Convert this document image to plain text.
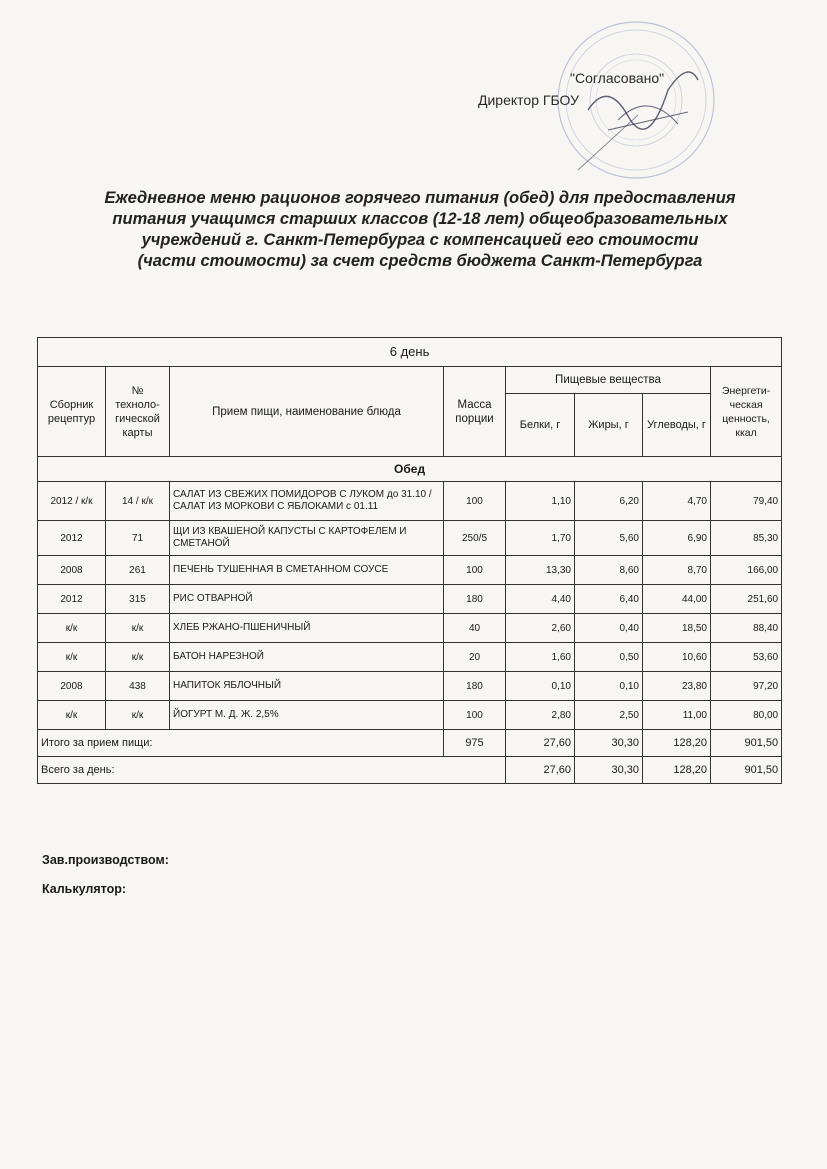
"Согласовано"
Директор ГБОУ
Ежедневное меню рационов горячего питания (обед) для предоставления
питания учащимся старших классов (12-18 лет) общеобразовательных
учреждений г. Санкт-Петербурга с компенсацией его стоимости
(части стоимости) за счет средств бюджета Санкт-Петербурга
6 день							
Сборник рецептур	№ техноло-гической карты	Прием пищи, наименование блюда	Масса порции	Пищевые вещества			Энергети-ческая ценность, ккал
				Белки, г	Жиры, г	Углеводы, г	
Обед							
2012 / к/к	14 / к/к	САЛАТ ИЗ СВЕЖИХ ПОМИДОРОВ С ЛУКОМ до 31.10 / САЛАТ ИЗ МОРКОВИ С ЯБЛОКАМИ с 01.11	100	1,10	6,20	4,70	79,40
2012	71	ЩИ ИЗ КВАШЕНОЙ КАПУСТЫ С КАРТОФЕЛЕМ И СМЕТАНОЙ	250/5	1,70	5,60	6,90	85,30
2008	261	ПЕЧЕНЬ ТУШЕННАЯ В СМЕТАННОМ СОУСЕ	100	13,30	8,60	8,70	166,00
2012	315	РИС ОТВАРНОЙ	180	4,40	6,40	44,00	251,60
к/к	к/к	ХЛЕБ РЖАНО-ПШЕНИЧНЫЙ	40	2,60	0,40	18,50	88,40
к/к	к/к	БАТОН НАРЕЗНОЙ	20	1,60	0,50	10,60	53,60
2008	438	НАПИТОК ЯБЛОЧНЫЙ	180	0,10	0,10	23,80	97,20
к/к	к/к	ЙОГУРТ М. Д. Ж. 2,5%	100	2,80	2,50	11,00	80,00
Итого за прием пищи:			975	27,60	30,30	128,20	901,50
Всего за день:				27,60	30,30	128,20	901,50
Зав.производством:
Калькулятор:
